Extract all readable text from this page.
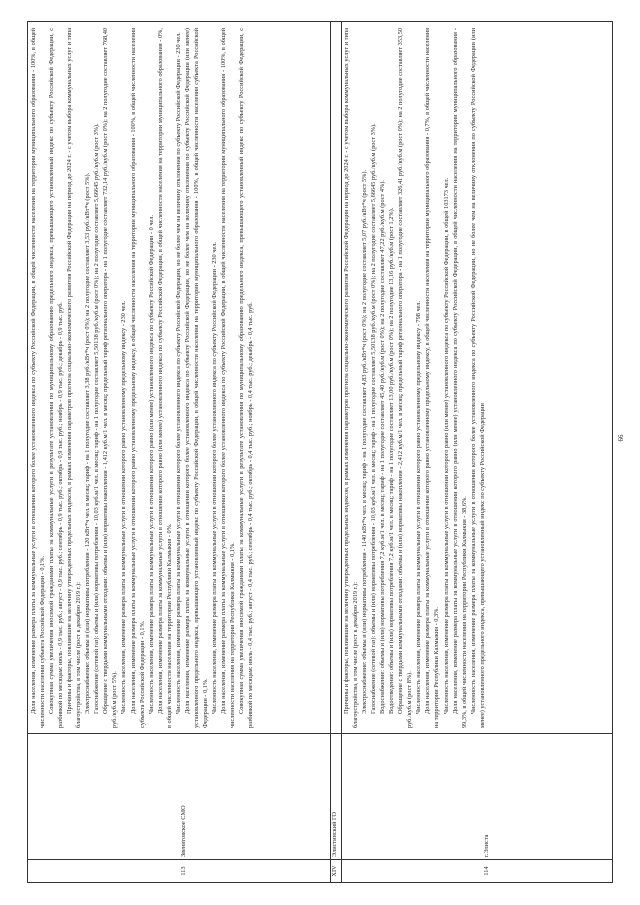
113
Звениговское СМО

Доля населения, изменение размера платы за коммунальные услуги в отношении которого более установленного индекса по субъекту Российской Федерации, в общей численности населения на территории муниципального образования - 100%, в общей численности населения субъекта Российской Федерации - 0,1%. Совокупная сумма увеличения вносимой гражданами платы за коммунальные услуги в результате установления по муниципальному образованию предельного индекса, превышающего установленный индекс по субъекту Российской Федерации, с разбивкой по месяцам: июль - 0,9 тыс. руб.; август - 0,9 тыс. руб.; сентябрь - 0,9 тыс. руб.; октябрь - 0,9 тыс. руб.; ноябрь - 0,9 тыс. руб.; декабрь - 0,9 тыс. руб. Причины и факторы, повлиявшие на величину утвержденных предельных индексов, в рамках изменения параметров прогноза социально-экономического развития Российской Федерации на период до 2024 г. - с учетом выбора коммунальных услуг и типа благоустройства, в том числе (рост к декабрю 2019 г.): Электроснабжение: объемы и (или) нормативы потребления - 120 кВт*ч чел. в месяц; тариф - на 1 полугодие составляет 3,38 руб./кВт*ч (рост 0%); на 2 полугодие составляет 3,53 руб./кВт*ч (рост 5%). Газоснабжение (сетевой газ): объемы и (или) нормативы потребления - 10,03 куб.м/1 чел. в месяц; тариф - на 1 полугодие составляет 5,50138 руб./куб.м (рост 0%); на 2 полугодие составляет 5,66645 руб./куб.м (рост 3%). Обращение с твердыми коммунальными отходами: объемы и (или) нормативы накопления - 1,412 куб.м/1 чел. в месяц; предельный тариф регионального оператора - на 1 полугодие составляет 732,14 руб./куб.м (рост 0%); на 2 полугодие составляет 768,40 руб./куб.м (рост 5%). Численность населения, изменение размера платы за коммунальные услуги в отношении которого равно установленному предельному индексу - 230 чел. Доля населения, изменение размера платы за коммунальные услуги в отношении которого равно установленному предельному индексу, в общей численности населения на территории муниципального образования - 100%, в общей численности населения субъекта Российской Федерации - 0,1%. Численность населения, изменение размера платы за коммунальные услуги в отношении которого равно (или менее) установленного индекса по субъекту Российской Федерации - 0 чел. Доля населения, изменение размера платы за коммунальные услуги в отношении которого равно (или менее) установленного индекса по субъекту Российской Федерации, в общей численности населения на территории муниципального образования - 0%, в общей численности населения на территории Республики Калмыкия - 0%. Численность населения, изменение размера платы за коммунальные услуги в отношении которого более установленного индекса по субъекту Российской Федерации, но не более чем на величину отклонения по субъекту Российской Федерации - 230 чел. Доля населения, изменение размера платы за коммунальные услуги в отношении которого более установленного индекса по субъекту Российской Федерации, но не более чем на величину отклонения по субъекту Российской Федерации (или менее) установленного предельного индекса, превышающего установленный индекс по субъекту Российской Федерации, в общей численности населения на территории муниципального образования - 100%, в общей численности населения субъекта Российской Федерации - 0,1%. Численность населения, изменение размера платы за коммунальные услуги в отношении которого более установленного индекса по субъекту Российской Федерации - 230 чел. Доля населения, изменение размера платы за коммунальные услуги в отношении которого более установленного индекса по субъекту Российской Федерации, в общей численности населения на территории муниципального образования - 100%, в общей численности населения на территории Республики Калмыкия - 0,1%. Совокупная сумма увеличения вносимой гражданами платы за коммунальные услуги в результате установления по муниципальному образованию предельного индекса, превышающего установленный индекс по субъекту Российской Федерации, с разбивкой по месяцам: июль - 0,4 тыс. руб.; август - 0,4 тыс. руб.; сентябрь - 0,4 тыс. руб.; октябрь - 0,4 тыс. руб.; ноябрь - 0,4 тыс. руб.; декабрь - 0,4 тыс. руб.

XIV
Элистинский ГО
114
г.Элиста

Причины и факторы, повлиявшие на величину утвержденных предельных индексов, в рамках изменения параметров прогноза социально-экономического развития Российской Федерации на период до 2024 г. - с учетом выбора коммунальных услуг и типа благоустройства, в том числе (рост к декабрю 2019 г.): Электроснабжение: объемы и (или) нормативы потребления - 1140 кВт*ч чел. в месяц; тариф - на 1 полугодие составляет 4,83 руб./кВт*ч (рост 0%); на 2 полугодие составляет 5,07 руб./кВт*ч (рост 5%). Газоснабжение (сетевой газ): объемы и (или) нормативы потребления - 10,03 куб.м/1 чел. в месяц; тариф - на 1 полугодие составляет 5,50138 руб./куб.м (рост 0%); на 2 полугодие составляет 5,66645 руб./куб.м (рост 3%). Водоснабжение: объемы и (или) нормативы потребления 7,2 куб.м/1 чел. в месяц; тариф - на 1 полугодие составляет 45,40 руб./куб.м (рост 0%); на 2 полугодие составляет 47,22 руб./куб.м (рост 4%). Водоотведение: объемы и (или) нормативы потребления 7,2 куб.м/1 чел. в месяц; тариф - на 1 полугодие составляет 13,00 руб./куб.м (рост 0%); на 2 полугодие 13,16 руб./куб.м (рост 1,2%). Обращение с твердыми коммунальными отходами: объемы и (или) нормативы накопления - 2,412 куб.м/1 чел. в месяц; предельный тариф регионального оператора - на 1 полугодие составляет 326,41 руб./куб.м (рост 0%); на 2 полугодие составляет 353,50 руб./куб.м (рост 8%). Численность населения, изменение размера платы за коммунальные услуги в отношении которого равно установленному предельному индексу - 798 чел. Доля населения, изменение размера платы за коммунальные услуги в отношении которого равно установленному предельному индексу, в общей численности населения на территории муниципального образования - 0,7%, в общей численности населения на территории Республики Калмыкия - 0,3%. Численность населения, изменение размера платы за коммунальные услуги в отношении которого равно (или менее) установленного индекса по субъекту Российской Федерации, в общей 103173 чел. Доля населения, изменение размера платы за коммунальные услуги в отношении которого равно (или менее) установленного индекса по субъекту Российской Федерации, в общей численности населения на территории муниципального образования - 99,3%, в общей численности населения на территории Республики Калмыкия - 38,6%. Численность населения, изменение размера платы за коммунальные услуги в отношении которого более установленного индекса по субъекту Российской Федерации, но не более чем на величину отклонения по субъекту Российской Федерации (или менее) установленного предельного индекса, превышающего установленный индекс по субъекту Российской Федерации	66
